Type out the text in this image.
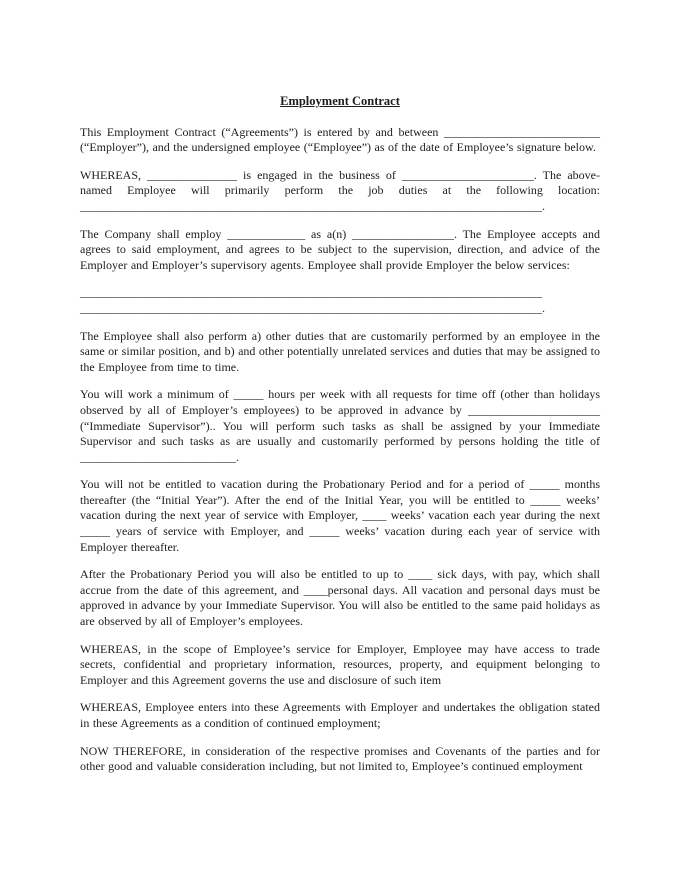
Employment Contract

This Employment Contract (“Agreements”) is entered by and between __________________________ (“Employer”), and the undersigned employee (“Employee”) as of the date of Employee’s signature below.

WHEREAS, _______________ is engaged in the business of ______________________. The above-named Employee will primarily perform the job duties at the following location: _____________________________________________________________________________.

The Company shall employ _____________ as a(n) _________________. The Employee accepts and agrees to said employment, and agrees to be subject to the supervision, direction, and advice of the Employer and Employer’s supervisory agents. Employee shall provide Employer the below services:

_____________________________________________________________________________ _____________________________________________________________________________.

The Employee shall also perform a) other duties that are customarily performed by an employee in the same or similar position, and b) and other potentially unrelated services and duties that may be assigned to the Employee from time to time.

You will work a minimum of _____ hours per week with all requests for time off (other than holidays observed by all of Employer’s employees) to be approved in advance by ______________________ (“Immediate Supervisor”).. You will perform such tasks as shall be assigned by your Immediate Supervisor and such tasks as are usually and customarily performed by persons holding the title of __________________________.

You will not be entitled to vacation during the Probationary Period and for a period of _____ months thereafter (the “Initial Year”). After the end of the Initial Year, you will be entitled to _____ weeks’ vacation during the next year of service with Employer, ____ weeks’ vacation each year during the next _____ years of service with Employer, and _____ weeks’ vacation during each year of service with Employer thereafter.

After the Probationary Period you will also be entitled to up to ____ sick days, with pay, which shall accrue from the date of this agreement, and ____personal days. All vacation and personal days must be approved in advance by your Immediate Supervisor. You will also be entitled to the same paid holidays as are observed by all of Employer’s employees.

WHEREAS, in the scope of Employee’s service for Employer, Employee may have access to trade secrets, confidential and proprietary information, resources, property, and equipment belonging to Employer and this Agreement governs the use and disclosure of such item

WHEREAS, Employee enters into these Agreements with Employer and undertakes the obligation stated in these Agreements as a condition of continued employment;

NOW THEREFORE, in consideration of the respective promises and Covenants of the parties and for other good and valuable consideration including, but not limited to, Employee’s continued employment
